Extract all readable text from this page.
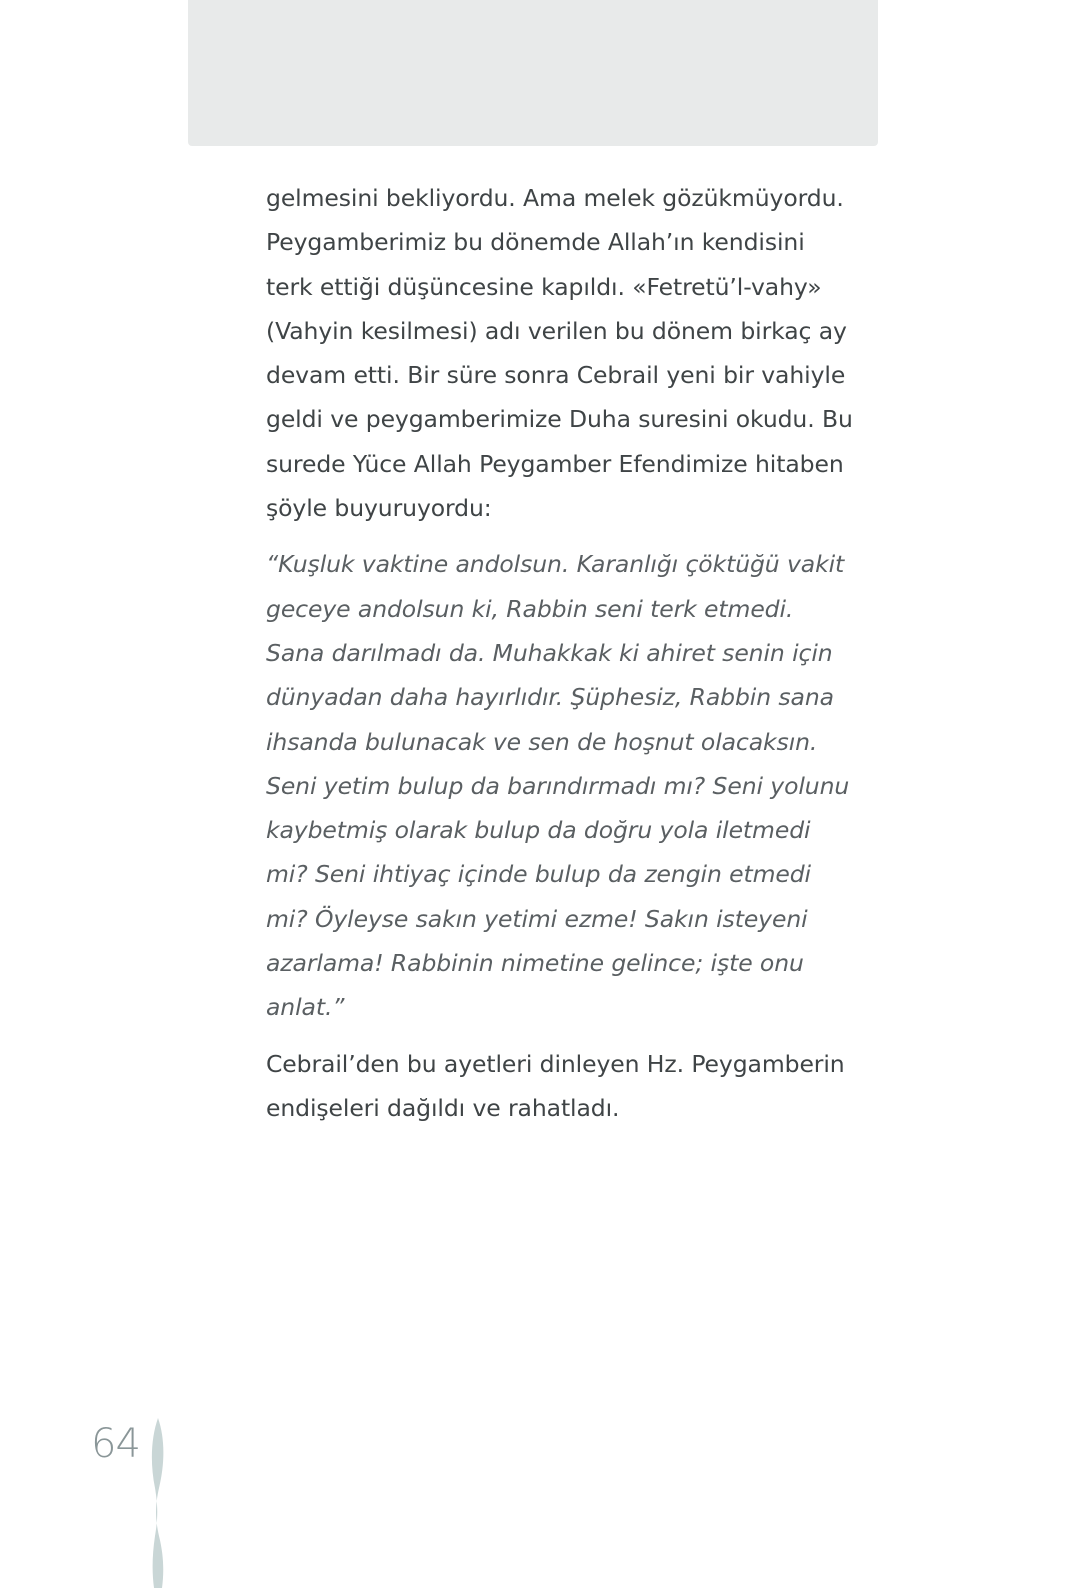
gelmesini bekliyordu. Ama melek gözükmüyordu.
Peygamberimiz bu dönemde Allah’ın kendisini
terk ettiği düşüncesine kapıldı. «Fetretü’l-vahy»
(Vahyin kesilmesi) adı verilen bu dönem birkaç ay
devam etti. Bir süre sonra Cebrail yeni bir vahiyle
geldi ve peygamberimize Duha suresini okudu. Bu
surede Yüce Allah Peygamber Efendimize hitaben
şöyle buyuruyordu:

“Kuşluk vaktine andolsun. Karanlığı çöktüğü vakit
geceye andolsun ki, Rabbin seni terk etmedi.
Sana darılmadı da. Muhakkak ki ahiret senin için
dünyadan daha hayırlıdır. Şüphesiz, Rabbin sana
ihsanda bulunacak ve sen de hoşnut olacaksın.
Seni yetim bulup da barındırmadı mı? Seni yolunu
kaybetmiş olarak bulup da doğru yola iletmedi
mi? Seni ihtiyaç içinde bulup da zengin etmedi
mi? Öyleyse sakın yetimi ezme! Sakın isteyeni
azarlama! Rabbinin nimetine gelince; işte onu
anlat.”

Cebrail’den bu ayetleri dinleyen Hz. Peygamberin
endişeleri dağıldı ve rahatladı.

64
